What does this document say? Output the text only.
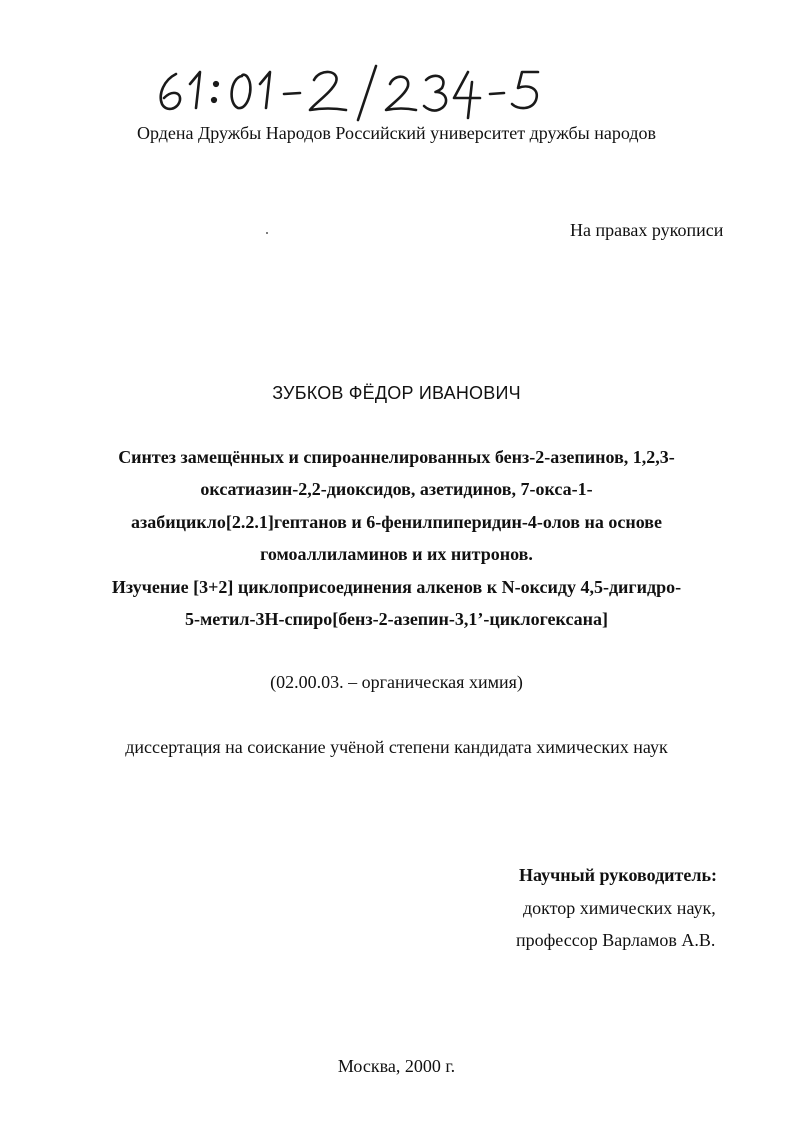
Ордена Дружбы Народов Российский университет дружбы народов
На правах рукописи
ЗУБКОВ ФЁДОР ИВАНОВИЧ
Синтез замещённых и спироаннелированных бенз-2-азепинов, 1,2,3-
оксатиазин-2,2-диоксидов, азетидинов, 7-окса-1-
азабицикло[2.2.1]гептанов и 6-фенилпиперидин-4-олов на основе
гомоаллиламинов и их нитронов.
Изучение [3+2] циклоприсоединения алкенов к N-оксиду 4,5-дигидро-
5-метил-3H-спиро[бенз-2-азепин-3,1’-циклогексана]
(02.00.03. – органическая химия)
диссертация на соискание учёной степени кандидата химических наук
Научный руководитель:
доктор химических наук,
профессор Варламов А.В.
Москва, 2000 г.
